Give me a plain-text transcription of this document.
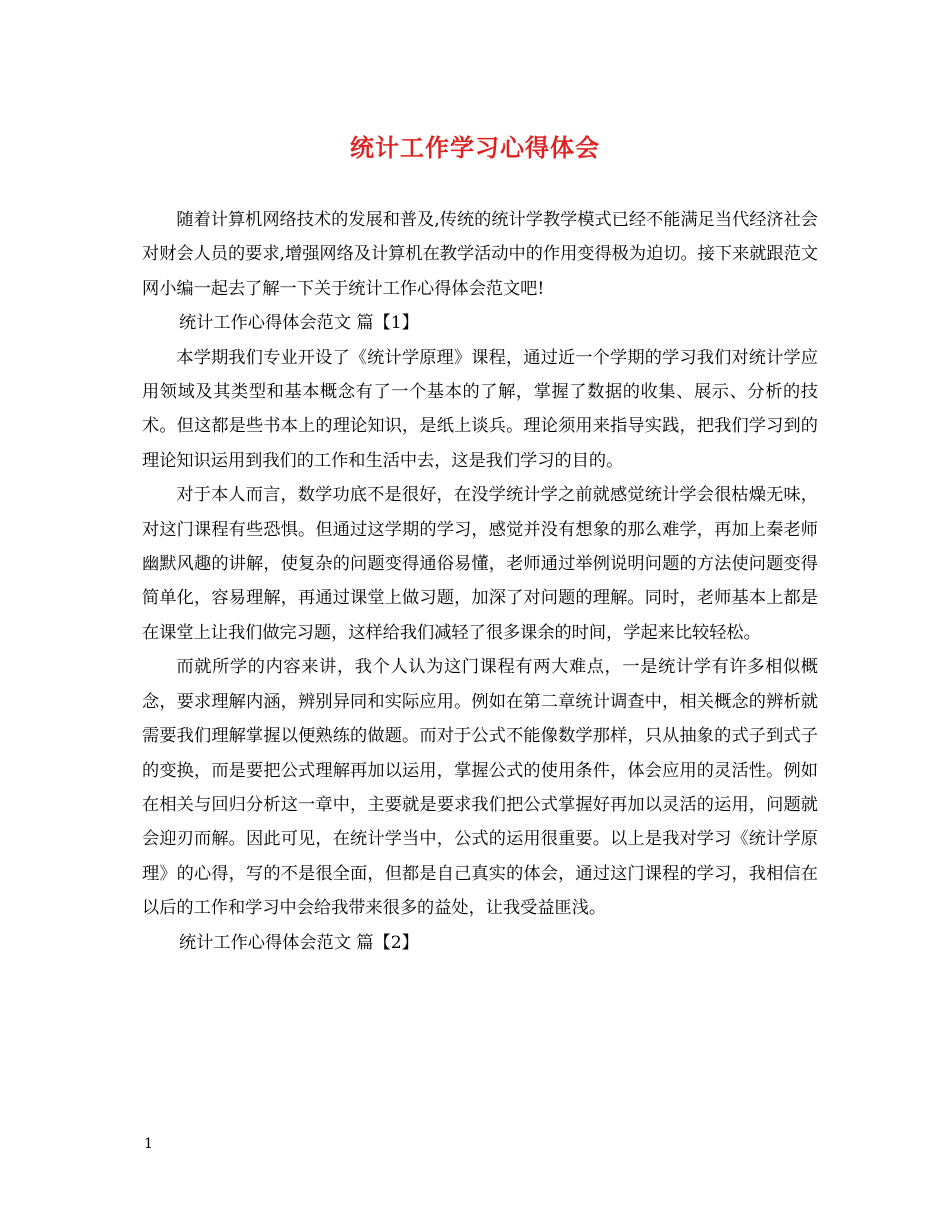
统计工作学习心得体会

随着计算机网络技术的发展和普及,传统的统计学教学模式已经不能满足当代经济社会对财会人员的要求,增强网络及计算机在教学活动中的作用变得极为迫切。接下来就跟范文网小编一起去了解一下关于统计工作心得体会范文吧!

统计工作心得体会范文 篇【1】

本学期我们专业开设了《统计学原理》课程，通过近一个学期的学习我们对统计学应用领域及其类型和基本概念有了一个基本的了解，掌握了数据的收集、展示、分析的技术。但这都是些书本上的理论知识，是纸上谈兵。理论须用来指导实践，把我们学习到的理论知识运用到我们的工作和生活中去，这是我们学习的目的。

对于本人而言，数学功底不是很好，在没学统计学之前就感觉统计学会很枯燥无味，对这门课程有些恐惧。但通过这学期的学习，感觉并没有想象的那么难学，再加上秦老师幽默风趣的讲解，使复杂的问题变得通俗易懂，老师通过举例说明问题的方法使问题变得简单化，容易理解，再通过课堂上做习题，加深了对问题的理解。同时，老师基本上都是在课堂上让我们做完习题，这样给我们减轻了很多课余的时间，学起来比较轻松。

而就所学的内容来讲，我个人认为这门课程有两大难点，一是统计学有许多相似概念，要求理解内涵，辨别异同和实际应用。例如在第二章统计调查中，相关概念的辨析就需要我们理解掌握以便熟练的做题。而对于公式不能像数学那样，只从抽象的式子到式子的变换，而是要把公式理解再加以运用，掌握公式的使用条件，体会应用的灵活性。例如在相关与回归分析这一章中，主要就是要求我们把公式掌握好再加以灵活的运用，问题就会迎刃而解。因此可见，在统计学当中，公式的运用很重要。以上是我对学习《统计学原理》的心得，写的不是很全面，但都是自己真实的体会，通过这门课程的学习，我相信在以后的工作和学习中会给我带来很多的益处，让我受益匪浅。

统计工作心得体会范文 篇【2】

1
